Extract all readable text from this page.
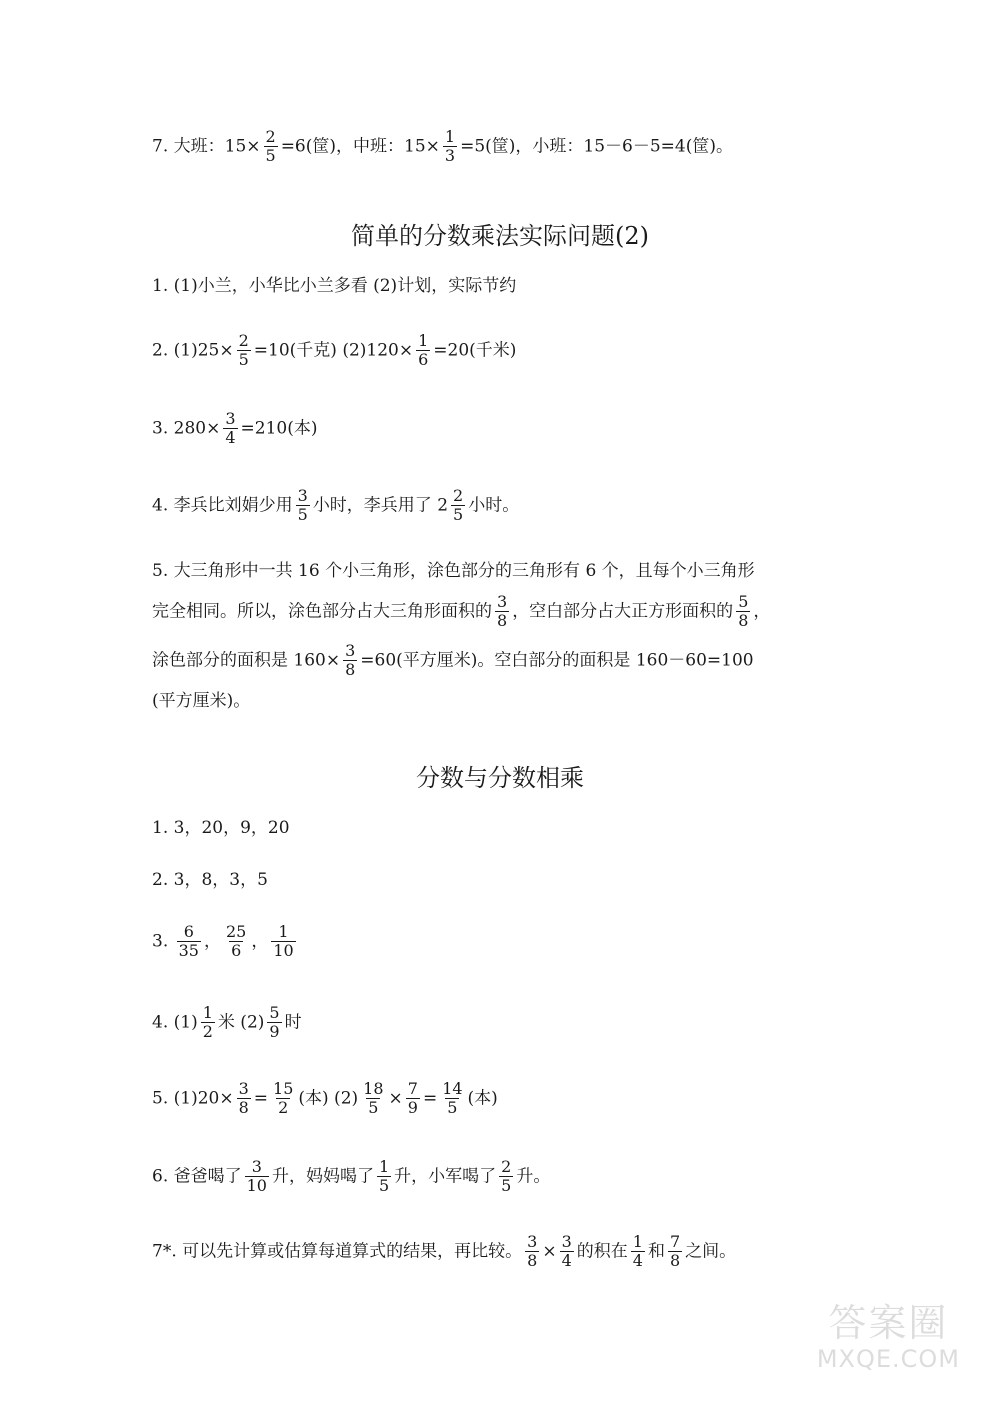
7. 大班：$15\times \frac{2}{5} =6$(筐)，中班：$15\times \frac{1}{3} =5$(筐)，小班：15－6－5=4(筐)。
简单的分数乘法实际问题(2)
1. (1)小兰，小华比小兰多看 (2)计划，实际节约
2. $(1)25\times \frac{2}{5} =10$(千克) $(2)120\times \frac{1}{6} =20$(千米)
3. $280\times \frac{3}{4} =210$(本)
4. 李兵比刘娟少用 $\frac{3}{5}$ 小时，李兵用了 $2 \frac{2}{5}$ 小时。
5. 大三角形中一共 16 个小三角形，涂色部分的三角形有 6 个，且每个小三角形
完全相同。所以，涂色部分占大三角形面积的 $\frac{3}{8}$ ，空白部分占大正方形面积的 $\frac{5}{8}$ ，
涂色部分的面积是 $160\times \frac{3}{8} =60$(平方厘米)。空白部分的面积是 160－60=100
(平方厘米)。
分数与分数相乘
1. 3，20，9，20
2. 3，8，3，5
3. $\frac{6}{35}$ ， $\frac{25}{6}$ ， $\frac{1}{10}$
4. $(1) \frac{1}{2}$ 米 $(2) \frac{5}{9}$ 时
5. $(1)20\times \frac{3}{8} = \frac{15}{2}$ (本) $(2) \frac{18}{5} \times \frac{7}{9} = \frac{14}{5}$ (本)
6. 爸爸喝了 $\frac{3}{10}$ 升，妈妈喝了 $\frac{1}{5}$ 升，小军喝了 $\frac{2}{5}$ 升。
7*. 可以先计算或估算每道算式的结果，再比较。 $\frac{3}{8} \times \frac{3}{4}$ 的积在 $\frac{1}{4}$ 和 $\frac{7}{8}$ 之间。
答案圈
MXQE.COM
